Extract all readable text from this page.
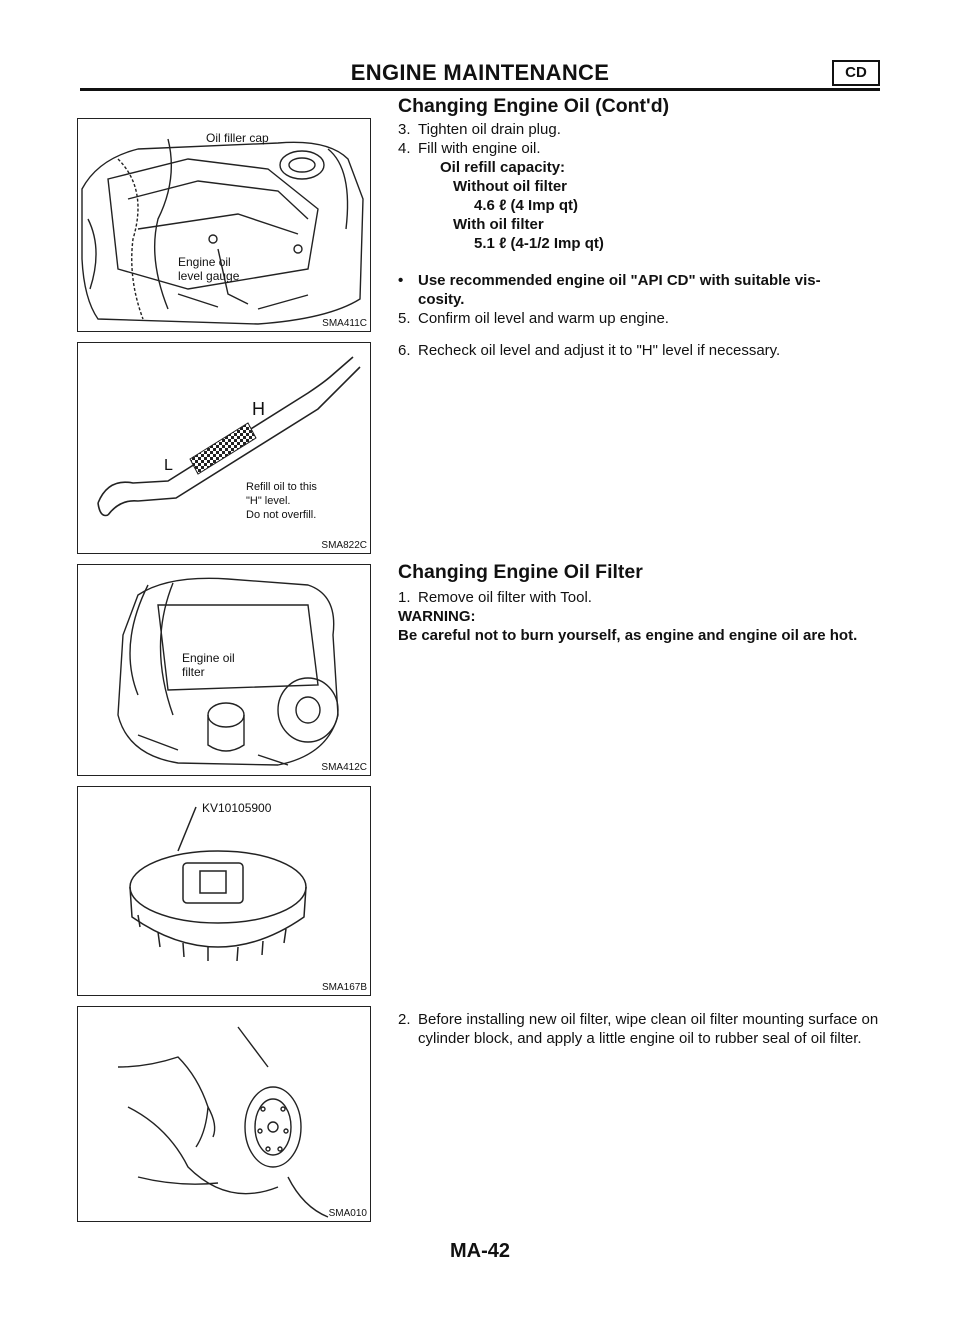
ENGINE MAINTENANCE	CD
Oil filler cap
Engine oil
level gauge
SMA411C
H
L
Refill oil to this
"H" level.
Do not overfill.
SMA822C
Engine oil
filter
SMA412C
KV10105900
SMA167B
SMA010
Changing Engine Oil (Cont'd)
3. Tighten oil drain plug.
4. Fill with engine oil.
Oil refill capacity:
Without oil filter
4.6 ℓ (4 Imp qt)
With oil filter
5.1 ℓ (4-1/2 Imp qt)
• Use recommended engine oil "API CD" with suitable vis-
cosity.
5. Confirm oil level and warm up engine.
6. Recheck oil level and adjust it to "H" level if necessary.
Changing Engine Oil Filter
1. Remove oil filter with Tool.
WARNING:
Be careful not to burn yourself, as engine and engine oil are hot.
2. Before installing new oil filter, wipe clean oil filter mounting surface on cylinder block, and apply a little engine oil to rubber seal of oil filter.
MA-42
